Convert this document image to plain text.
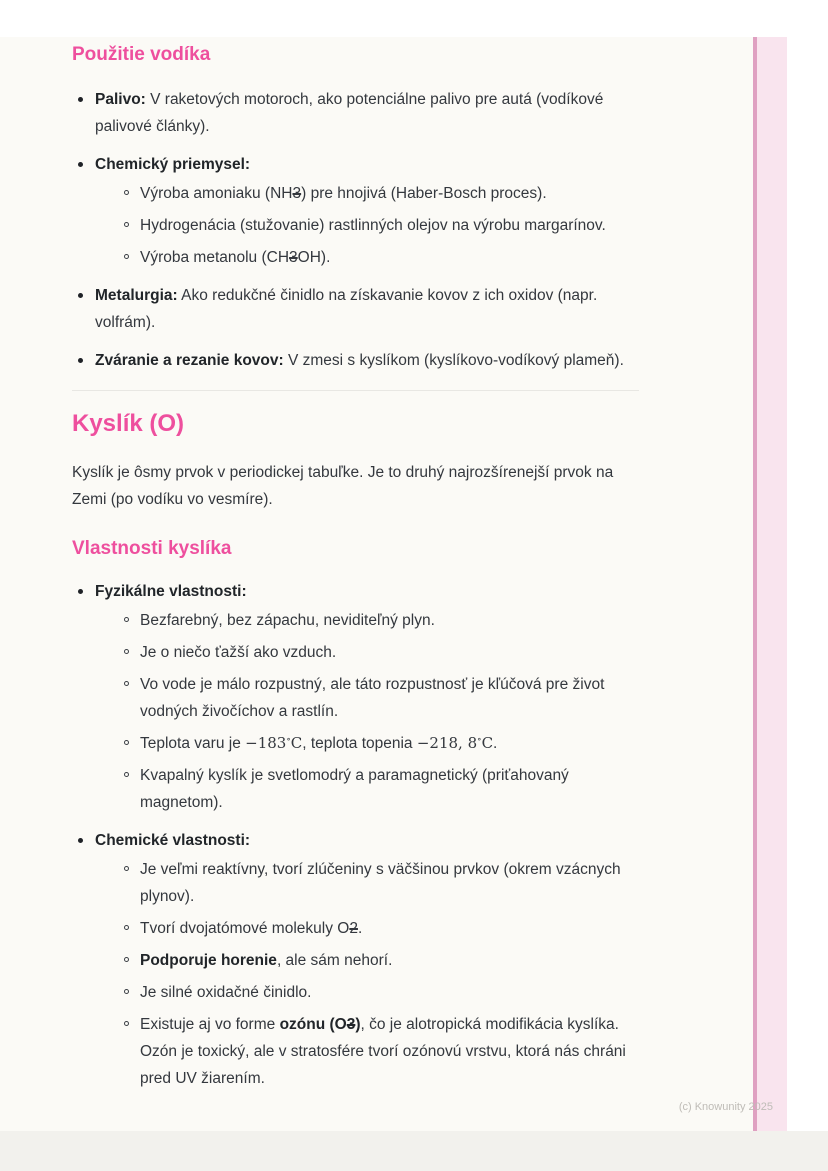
Použitie vodíka
Palivo: V raketových motoroch, ako potenciálne palivo pre autá (vodíkové palivové články).
Chemický priemysel:
Výroba amoniaku (NH3) pre hnojivá (Haber-Bosch proces).
Hydrogenácia (stužovanie) rastlinných olejov na výrobu margarínov.
Výroba metanolu (CH3OH).
Metalurgia: Ako redukčné činidlo na získavanie kovov z ich oxidov (napr. volfrám).
Zváranie a rezanie kovov: V zmesi s kyslíkom (kyslíkovo-vodíkový plameň).
Kyslík (O)

Kyslík je ôsmy prvok v periodickej tabuľke. Je to druhý najrozšírenejší prvok na Zemi (po vodíku vo vesmíre).

Vlastnosti kyslíka
Fyzikálne vlastnosti:
Bezfarebný, bez zápachu, neviditeľný plyn.
Je o niečo ťažší ako vzduch.
Vo vode je málo rozpustný, ale táto rozpustnosť je kľúčová pre život vodných živočíchov a rastlín.
Teplota varu je −183∘C, teplota topenia −218, 8∘C.
Kvapalný kyslík je svetlomodrý a paramagnetický (priťahovaný magnetom).
Chemické vlastnosti:
Je veľmi reaktívny, tvorí zlúčeniny s väčšinou prvkov (okrem vzácnych plynov).
Tvorí dvojatómové molekuly O2.
Podporuje horenie, ale sám nehorí.
Je silné oxidačné činidlo.
Existuje aj vo forme ozónu (O3), čo je alotropická modifikácia kyslíka. Ozón je toxický, ale v stratosfére tvorí ozónovú vrstvu, ktorá nás chráni pred UV žiarením.
(c) Knowunity 2025
